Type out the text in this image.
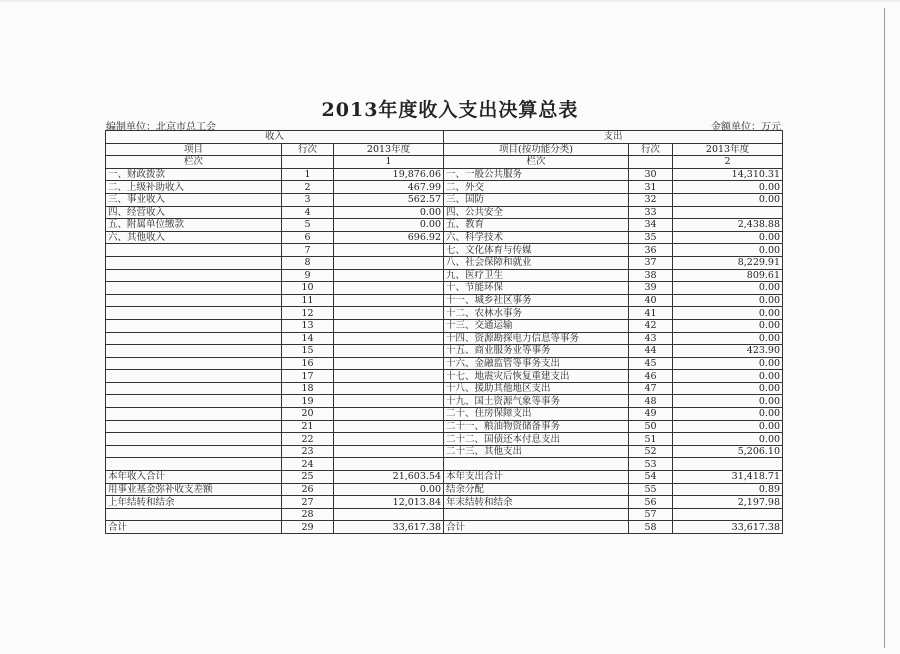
2013年度收入支出决算总表
编制单位：北京市总工会	金额单位：万元
收入			支出		
项目	行次	2013年度	项目(按功能分类)	行次	2013年度
栏次		1	栏次		2
一、财政拨款	1	19,876.06	一、一般公共服务	30	14,310.31
二、上级补助收入	2	467.99	二、外交	31	0.00
三、事业收入	3	562.57	三、国防	32	0.00
四、经营收入	4	0.00	四、公共安全	33	
五、附属单位缴款	5	0.00	五、教育	34	2,438.88
六、其他收入	6	696.92	六、科学技术	35	0.00
	7		七、文化体育与传媒	36	0.00
	8		八、社会保障和就业	37	8,229.91
	9		九、医疗卫生	38	809.61
	10		十、节能环保	39	0.00
	11		十一、城乡社区事务	40	0.00
	12		十二、农林水事务	41	0.00
	13		十三、交通运输	42	0.00
	14		十四、资源勘探电力信息等事务	43	0.00
	15		十五、商业服务业等事务	44	423.90
	16		十六、金融监管等事务支出	45	0.00
	17		十七、地震灾后恢复重建支出	46	0.00
	18		十八、援助其他地区支出	47	0.00
	19		十九、国土资源气象等事务	48	0.00
	20		二十、住房保障支出	49	0.00
	21		二十一、粮油物资储备事务	50	0.00
	22		二十二、国债还本付息支出	51	0.00
	23		二十三、其他支出	52	5,206.10
	24			53	
本年收入合计	25	21,603.54	本年支出合计	54	31,418.71
用事业基金弥补收支差额	26	0.00	结余分配	55	0.89
上年结转和结余	27	12,013.84	年末结转和结余	56	2,197.98
	28			57	
合计	29	33,617.38	合计	58	33,617.38
